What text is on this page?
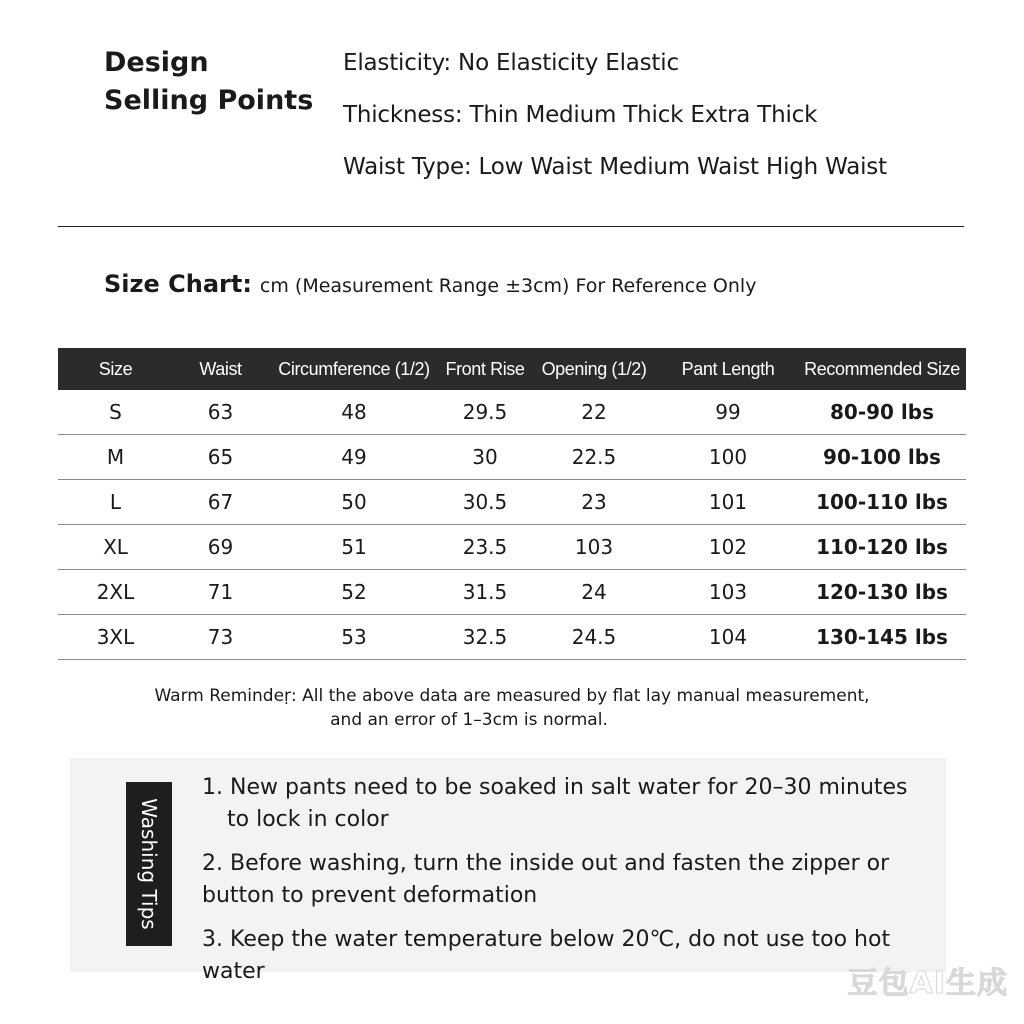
Design
Selling Points
Elasticity: No Elasticity Elastic
Thickness: Thin Medium Thick Extra Thick
Waist Type: Low Waist Medium Waist High Waist
Size Chart: cm (Measurement Range ±3cm) For Reference Only
Size	Waist	Circumference (1/2)	Front Rise	Opening (1/2)	Pant Length	Recommended Size
S	63	48	29.5	22	99	80-90 lbs
M	65	49	30	22.5	100	90-100 lbs
L	67	50	30.5	23	101	100-110 lbs
XL	69	51	23.5	103	102	110-120 lbs
2XL	71	52	31.5	24	103	120-130 lbs
3XL	73	53	32.5	24.5	104	130-145 lbs
Warm Remindeṛ: All the above data are measured by flat lay manual measurement,
and an error of 1–3cm is normal.
Washing Tips
1. New pants need to be soaked in salt water for 20–30 minutes to lock in color
2. Before washing, turn the inside out and fasten the zipper or button to prevent deformation
3. Keep the water temperature below 20℃, do not use too hot water	豆包AI生成
